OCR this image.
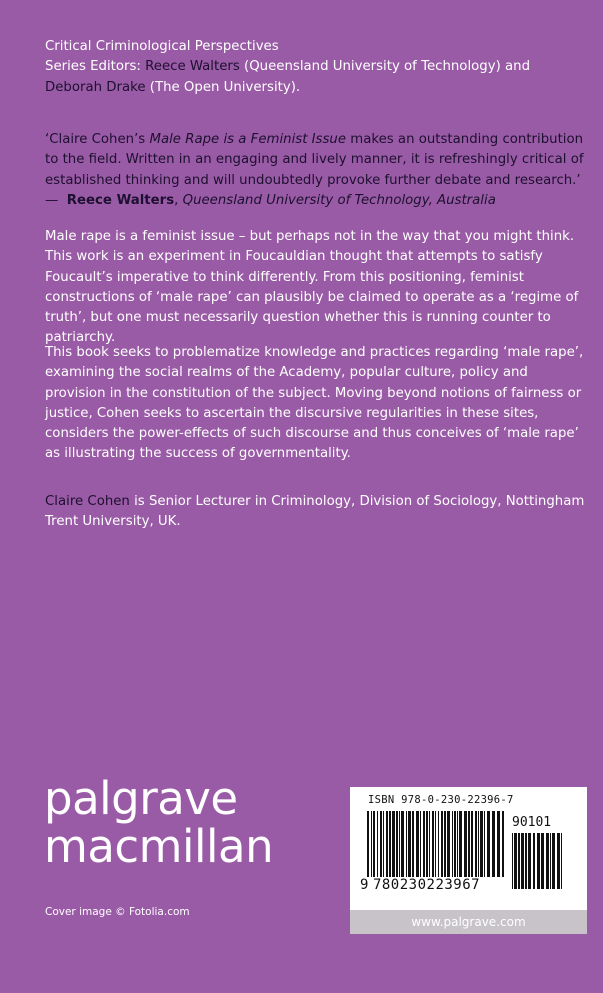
Critical Criminological Perspectives
Series Editors: Reece Walters (Queensland University of Technology) and Deborah Drake (The Open University).
‘Claire Cohen’s Male Rape is a Feminist Issue makes an outstanding contribution to the field. Written in an engaging and lively manner, it is refreshingly critical of established thinking and will undoubtedly provoke further debate and research.’
— Reece Walters, Queensland University of Technology, Australia
Male rape is a feminist issue – but perhaps not in the way that you might think. This work is an experiment in Foucauldian thought that attempts to satisfy Foucault’s imperative to think differently. From this positioning, feminist constructions of ‘male rape’ can plausibly be claimed to operate as a ‘regime of truth’, but one must necessarily question whether this is running counter to patriarchy.
This book seeks to problematize knowledge and practices regarding ‘male rape’, examining the social realms of the Academy, popular culture, policy and provision in the constitution of the subject. Moving beyond notions of fairness or justice, Cohen seeks to ascertain the discursive regularities in these sites, considers the power-effects of such discourse and thus conceives of ‘male rape’ as illustrating the success of governmentality.
Claire Cohen is Senior Lecturer in Criminology, Division of Sociology, Nottingham Trent University, UK.
palgrave
macmillan
Cover image © Fotolia.com
ISBN 978-0-230-22396-7
90101
9 780230223967
www.palgrave.com
